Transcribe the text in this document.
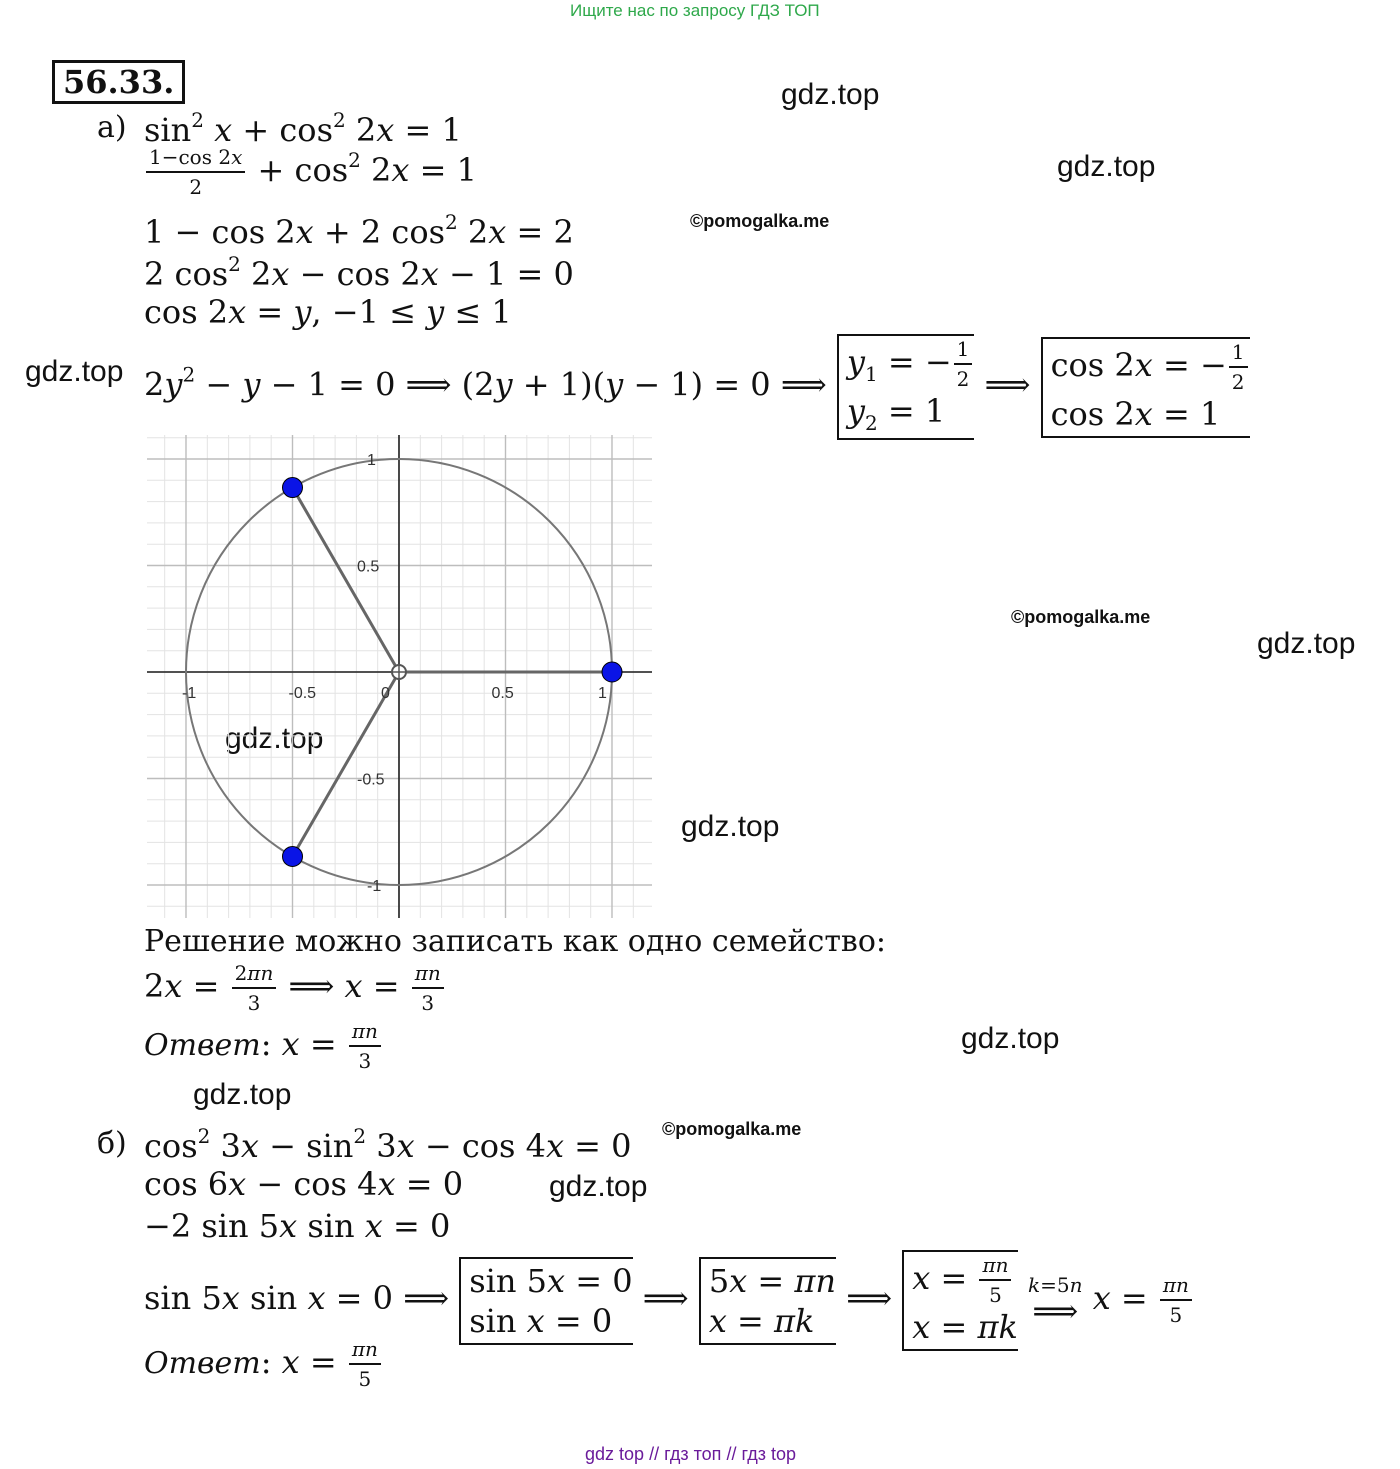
Ищите нас по запросу ГДЗ ТОП
56.33.	gdz.top
gdz.top
©pomogalka.me
gdz.top
©pomogalka.me
gdz.top
gdz.top
gdz.top
gdz.top
gdz.top
©pomogalka.me
gdz.top
а) $\sin^2 x + \cos^2 2x = 1$
$\frac{1-\cos 2x}{2} + \cos^2 2x = 1$
1 − cos 2x + 2 $\cos^2 2x = 2$
2 $\cos^2 2x - \cos 2x - 1 = 0$
cos 2x = y, −1 ≤ y ≤ 1
$2y^2 - y - 1 = 0$ ⟹ (2y + 1)(y − 1) = 0 ⟹
$y_1$ = − $\frac{1}{2}$
$y_2 = 1$
⟹
cos 2x = − $\frac{1}{2}$
cos 2x = 1
-1	-0.5	0	0.5	1
1
0.5
-0.5
-1
Решение можно записать как одно семейство:
$2x = \frac{2\pi n}{3}$ ⟹ $x = \frac{\pi n}{3}$
Ответ: $x = \frac{\pi n}{3}$
б) $\cos^2 3x - \sin^2 3x - \cos 4x = 0$
cos 6x − cos 4x = 0
−2 sin 5x sin x = 0
sin 5x sin x = 0 ⟹ sin 5x = 0
sin x = 0
⟹ 5x = πn
x = πk
⟹
$x = \frac{\pi n}{5}$
x = πk

k=5n
⟹ $x = \frac{\pi n}{5}$
Ответ: $x = \frac{\pi n}{5}$
gdz top // гдз топ // гдз top
